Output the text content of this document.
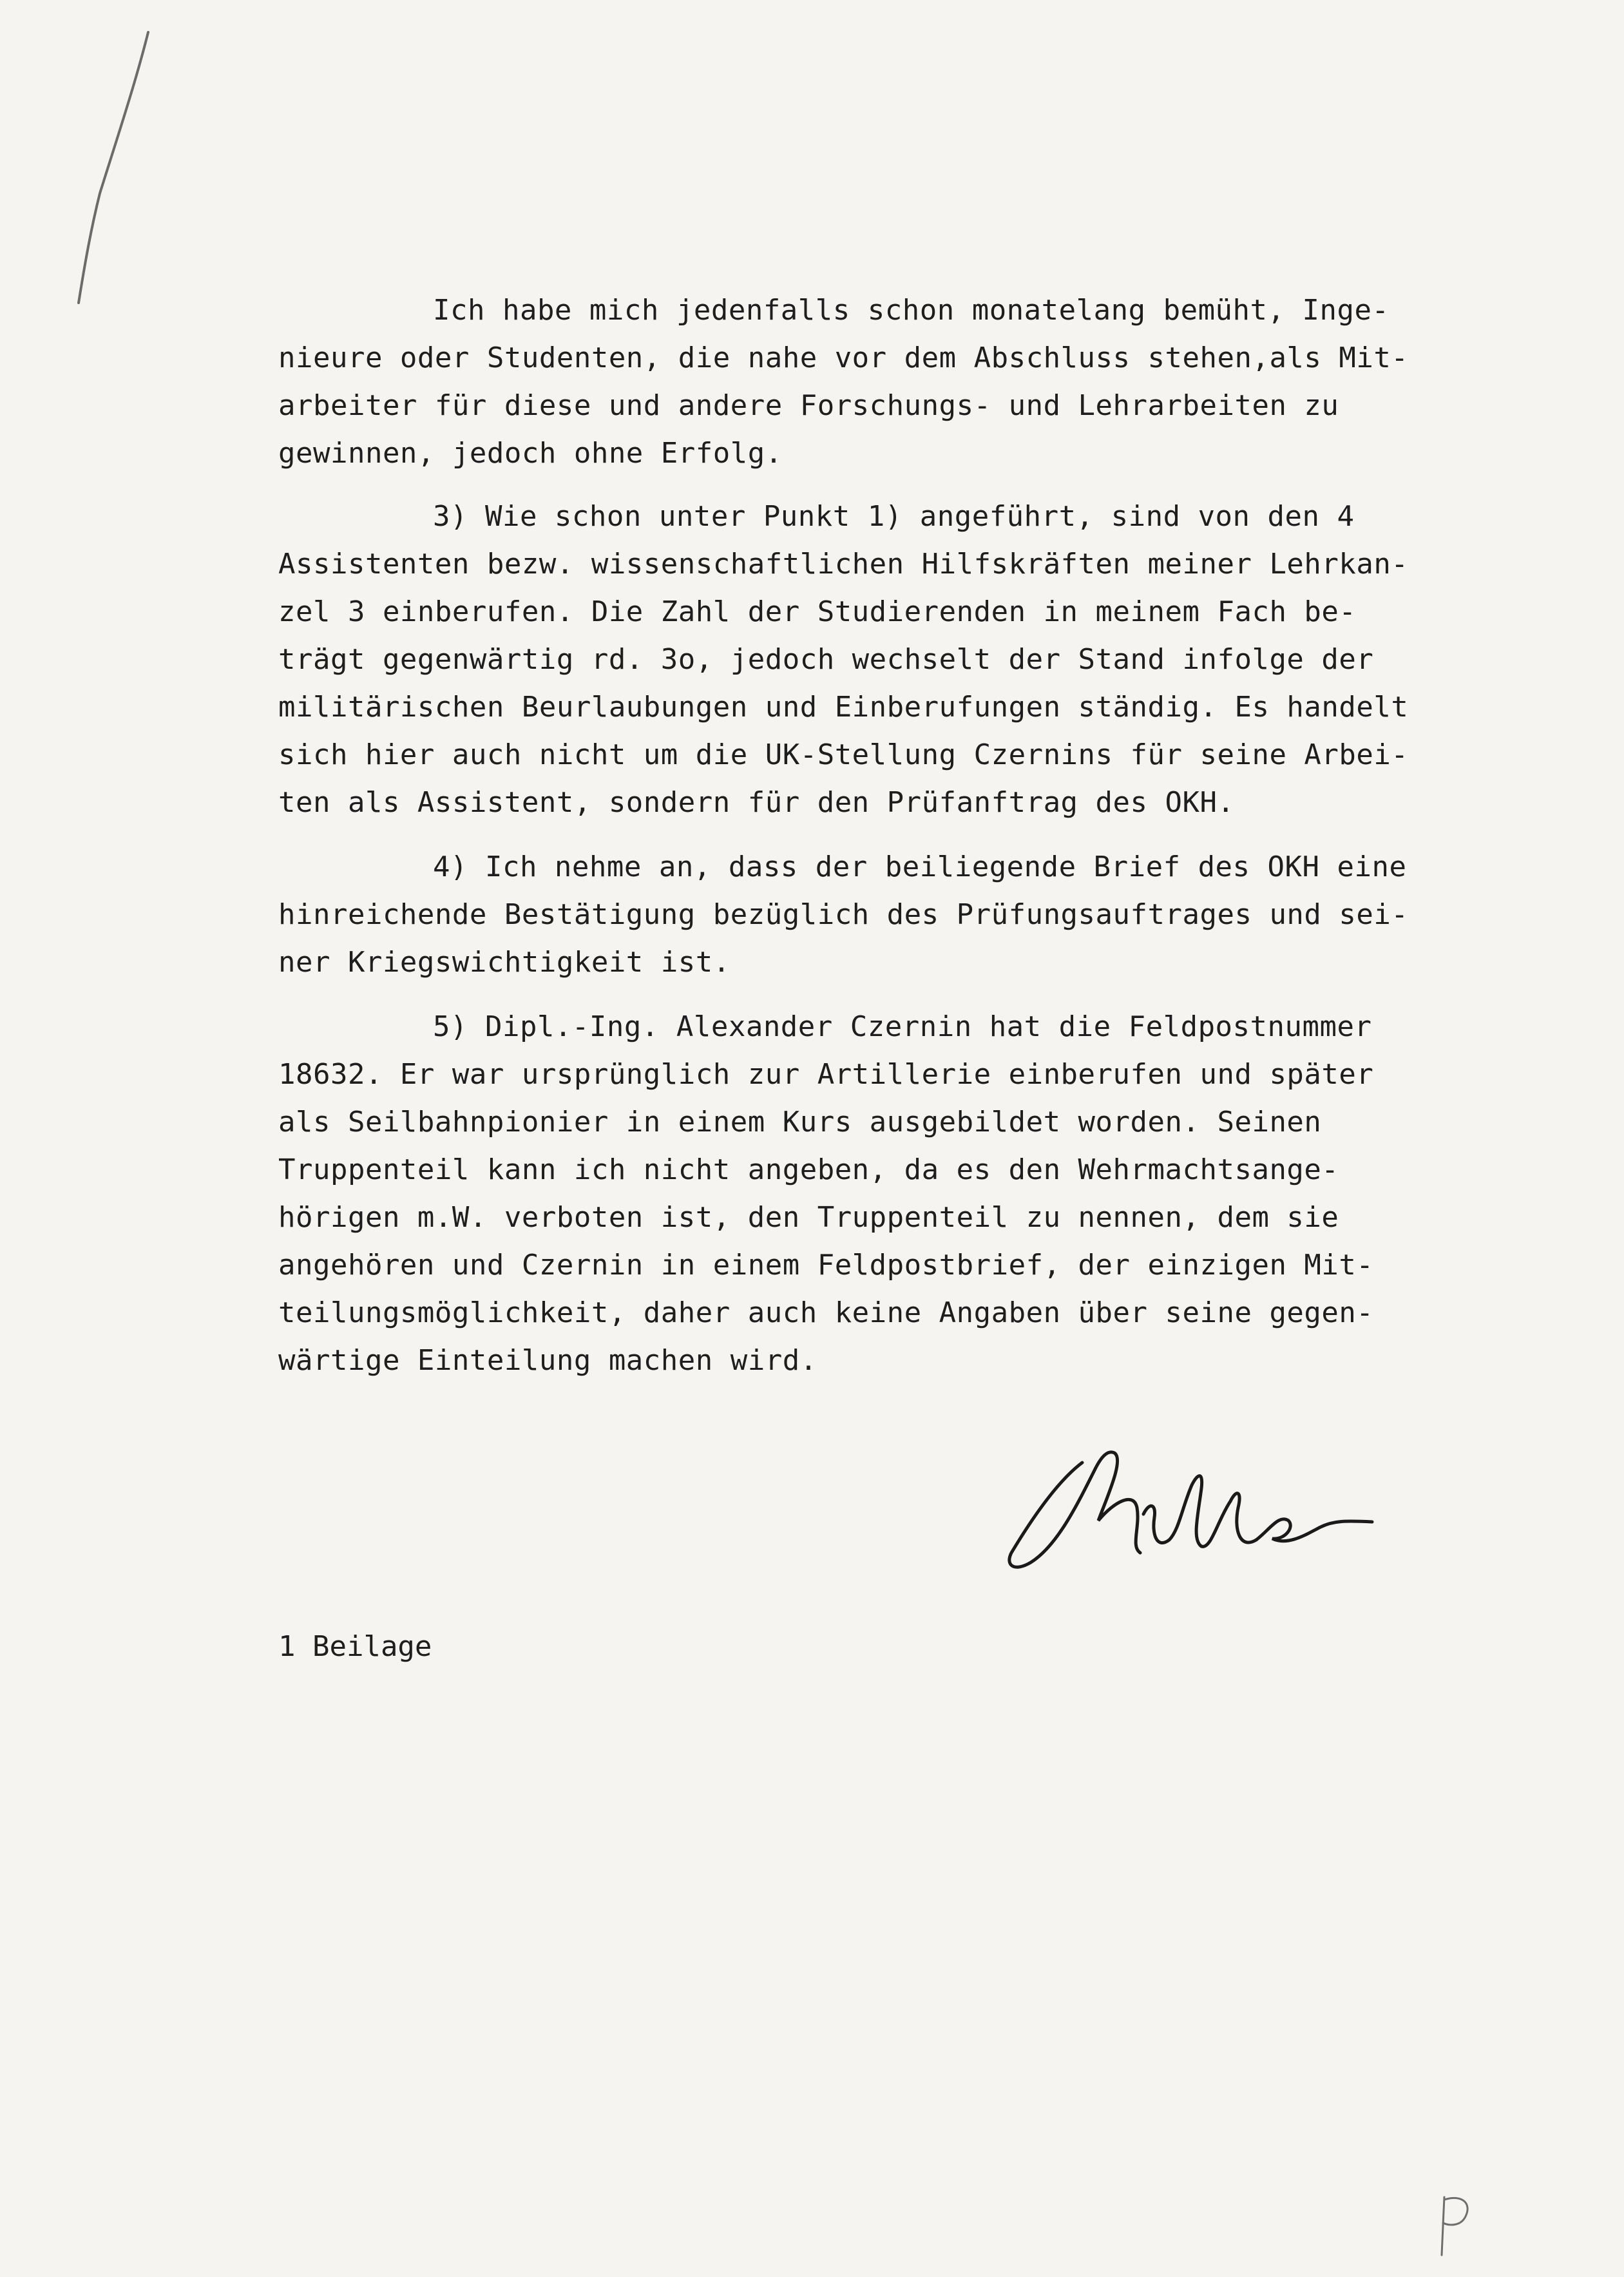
Ich habe mich jedenfalls schon monatelang bemüht, Inge-
nieure oder Studenten, die nahe vor dem Abschluss stehen,als Mit-
arbeiter für diese und andere Forschungs- und Lehrarbeiten zu
gewinnen, jedoch ohne Erfolg.
3) Wie schon unter Punkt 1) angeführt, sind von den 4
Assistenten bezw. wissenschaftlichen Hilfskräften meiner Lehrkan-
zel 3 einberufen. Die Zahl der Studierenden in meinem Fach be-
trägt gegenwärtig rd. 3o, jedoch wechselt der Stand infolge der
militärischen Beurlaubungen und Einberufungen ständig. Es handelt
sich hier auch nicht um die UK-Stellung Czernins für seine Arbei-
ten als Assistent, sondern für den Prüfanftrag des OKH.
4) Ich nehme an, dass der beiliegende Brief des OKH eine
hinreichende Bestätigung bezüglich des Prüfungsauftrages und sei-
ner Kriegswichtigkeit ist.
5) Dipl.-Ing. Alexander Czernin hat die Feldpostnummer
18632. Er war ursprünglich zur Artillerie einberufen und später
als Seilbahnpionier in einem Kurs ausgebildet worden. Seinen
Truppenteil kann ich nicht angeben, da es den Wehrmachtsange-
hörigen m.W. verboten ist, den Truppenteil zu nennen, dem sie
angehören und Czernin in einem Feldpostbrief, der einzigen Mit-
teilungsmöglichkeit, daher auch keine Angaben über seine gegen-
wärtige Einteilung machen wird.
1 Beilage
